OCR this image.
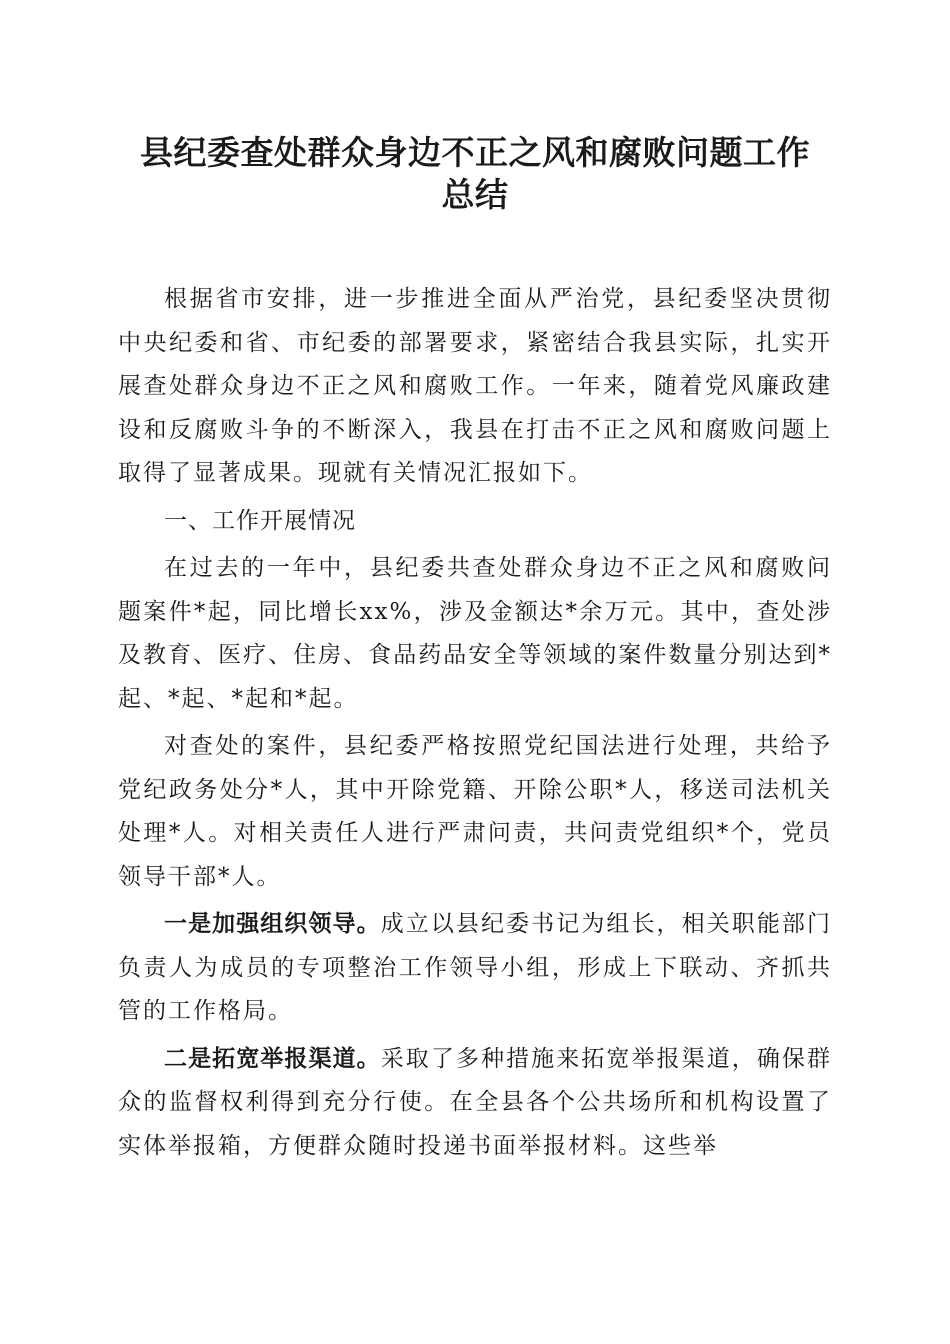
县纪委查处群众身边不正之风和腐败问题工作
总结

根据省市安排，进一步推进全面从严治党，县纪委坚决贯彻中央纪委和省、市纪委的部署要求，紧密结合我县实际，扎实开展查处群众身边不正之风和腐败工作。一年来，随着党风廉政建设和反腐败斗争的不断深入，我县在打击不正之风和腐败问题上取得了显著成果。现就有关情况汇报如下。

一、工作开展情况

在过去的一年中，县纪委共查处群众身边不正之风和腐败问题案件*起，同比增长xx%，涉及金额达*余万元。其中，查处涉及教育、医疗、住房、食品药品安全等领域的案件数量分别达到*起、*起、*起和*起。

对查处的案件，县纪委严格按照党纪国法进行处理，共给予党纪政务处分*人，其中开除党籍、开除公职*人，移送司法机关处理*人。对相关责任人进行严肃问责，共问责党组织*个，党员领导干部*人。

一是加强组织领导。成立以县纪委书记为组长，相关职能部门负责人为成员的专项整治工作领导小组，形成上下联动、齐抓共管的工作格局。

二是拓宽举报渠道。采取了多种措施来拓宽举报渠道，确保群众的监督权利得到充分行使。在全县各个公共场所和机构设置了实体举报箱，方便群众随时投递书面举报材料。这些举
